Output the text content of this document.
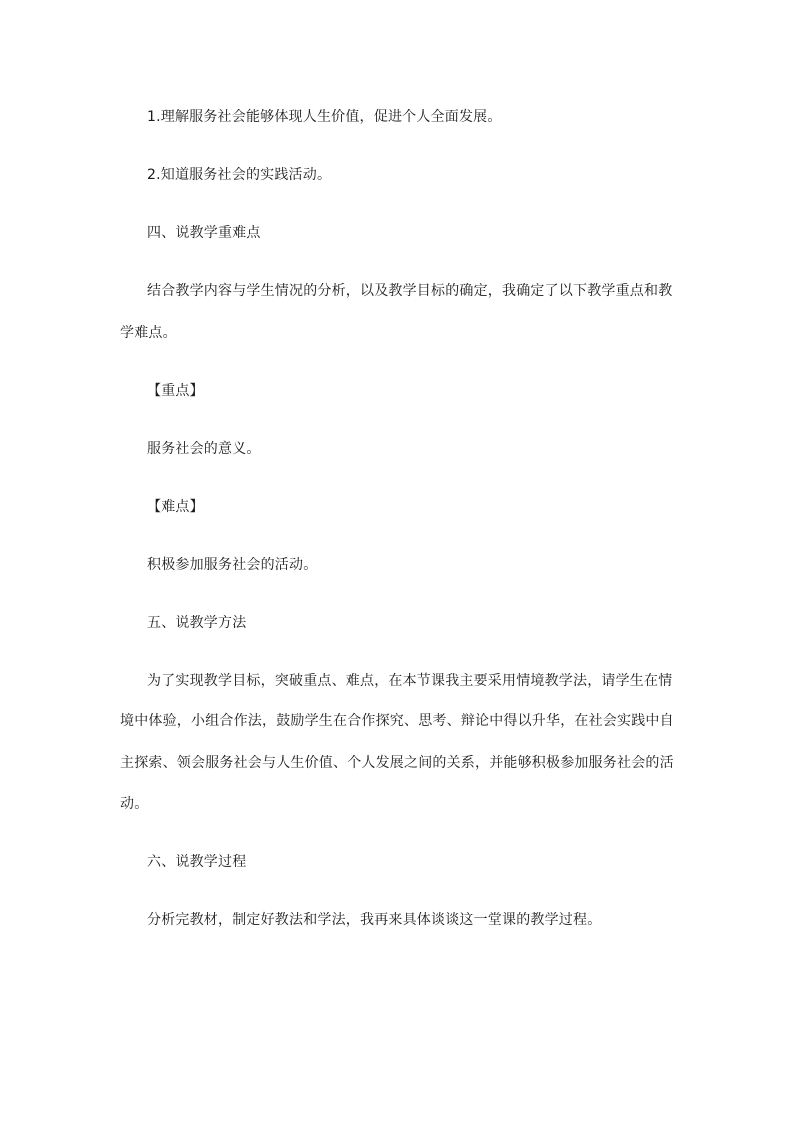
1.理解服务社会能够体现人生价值，促进个人全面发展。
2.知道服务社会的实践活动。
四、说教学重难点
结合教学内容与学生情况的分析，以及教学目标的确定，我确定了以下教学重点和教
学难点。
【重点】
服务社会的意义。
【难点】
积极参加服务社会的活动。
五、说教学方法
为了实现教学目标，突破重点、难点，在本节课我主要采用情境教学法，请学生在情
境中体验，小组合作法，鼓励学生在合作探究、思考、辩论中得以升华，在社会实践中自
主探索、领会服务社会与人生价值、个人发展之间的关系，并能够积极参加服务社会的活
动。
六、说教学过程
分析完教材，制定好教法和学法，我再来具体谈谈这一堂课的教学过程。
